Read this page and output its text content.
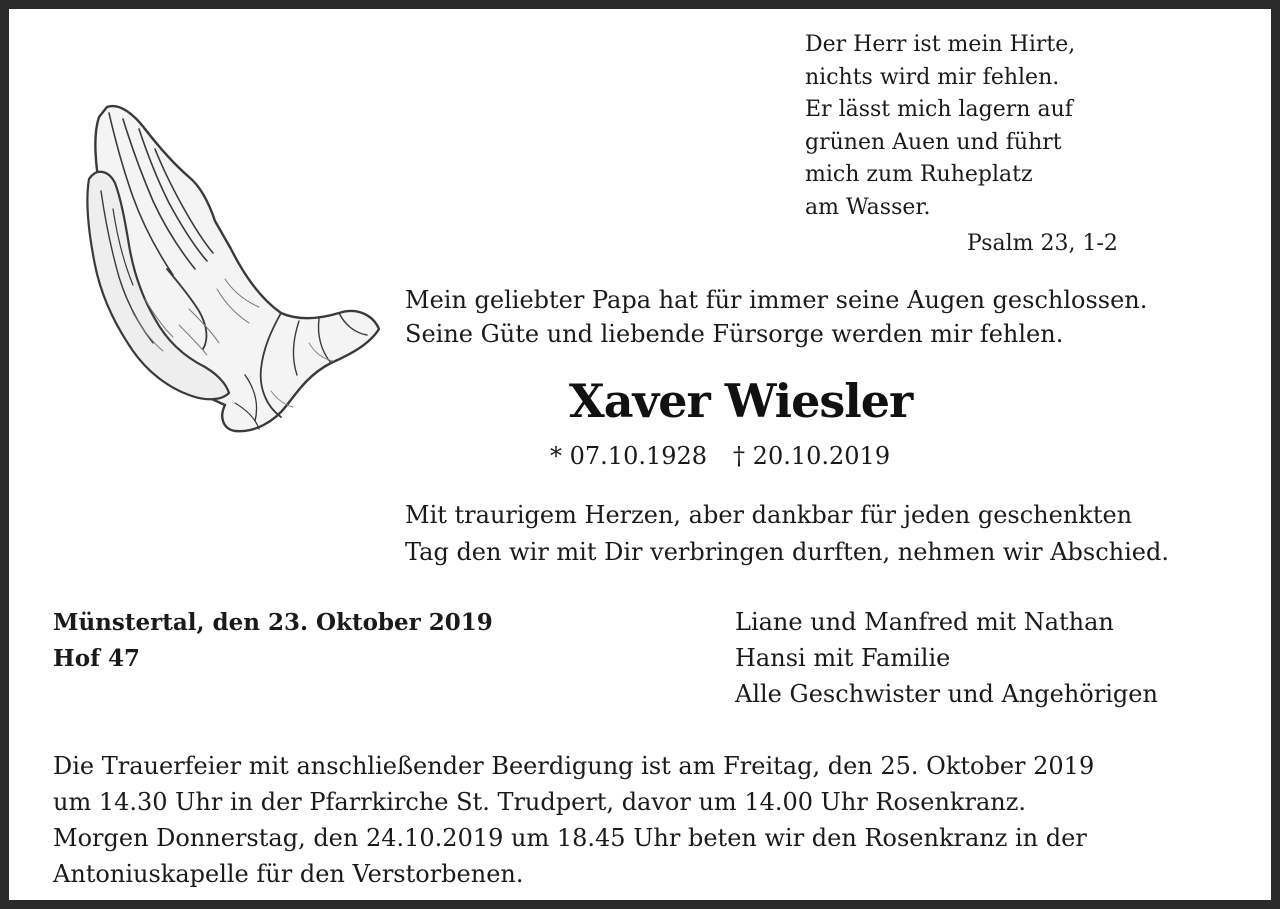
Der Herr ist mein Hirte,
nichts wird mir fehlen.
Er lässt mich lagern auf
grünen Auen und führt
mich zum Ruheplatz
am Wasser.

Psalm 23, 1-2

Mein geliebter Papa hat für immer seine Augen geschlossen.
Seine Güte und liebende Fürsorge werden mir fehlen.

Xaver Wiesler

* 07.10.1928 † 20.10.2019

Mit traurigem Herzen, aber dankbar für jeden geschenkten
Tag den wir mit Dir verbringen durften, nehmen wir Abschied.

Münstertal, den 23. Oktober 2019
Hof 47

Liane und Manfred mit Nathan
Hansi mit Familie
Alle Geschwister und Angehörigen

Die Trauerfeier mit anschließender Beerdigung ist am Freitag, den 25. Oktober 2019
um 14.30 Uhr in der Pfarrkirche St. Trudpert, davor um 14.00 Uhr Rosenkranz.
Morgen Donnerstag, den 24.10.2019 um 18.45 Uhr beten wir den Rosenkranz in der
Antoniuskapelle für den Verstorbenen.
